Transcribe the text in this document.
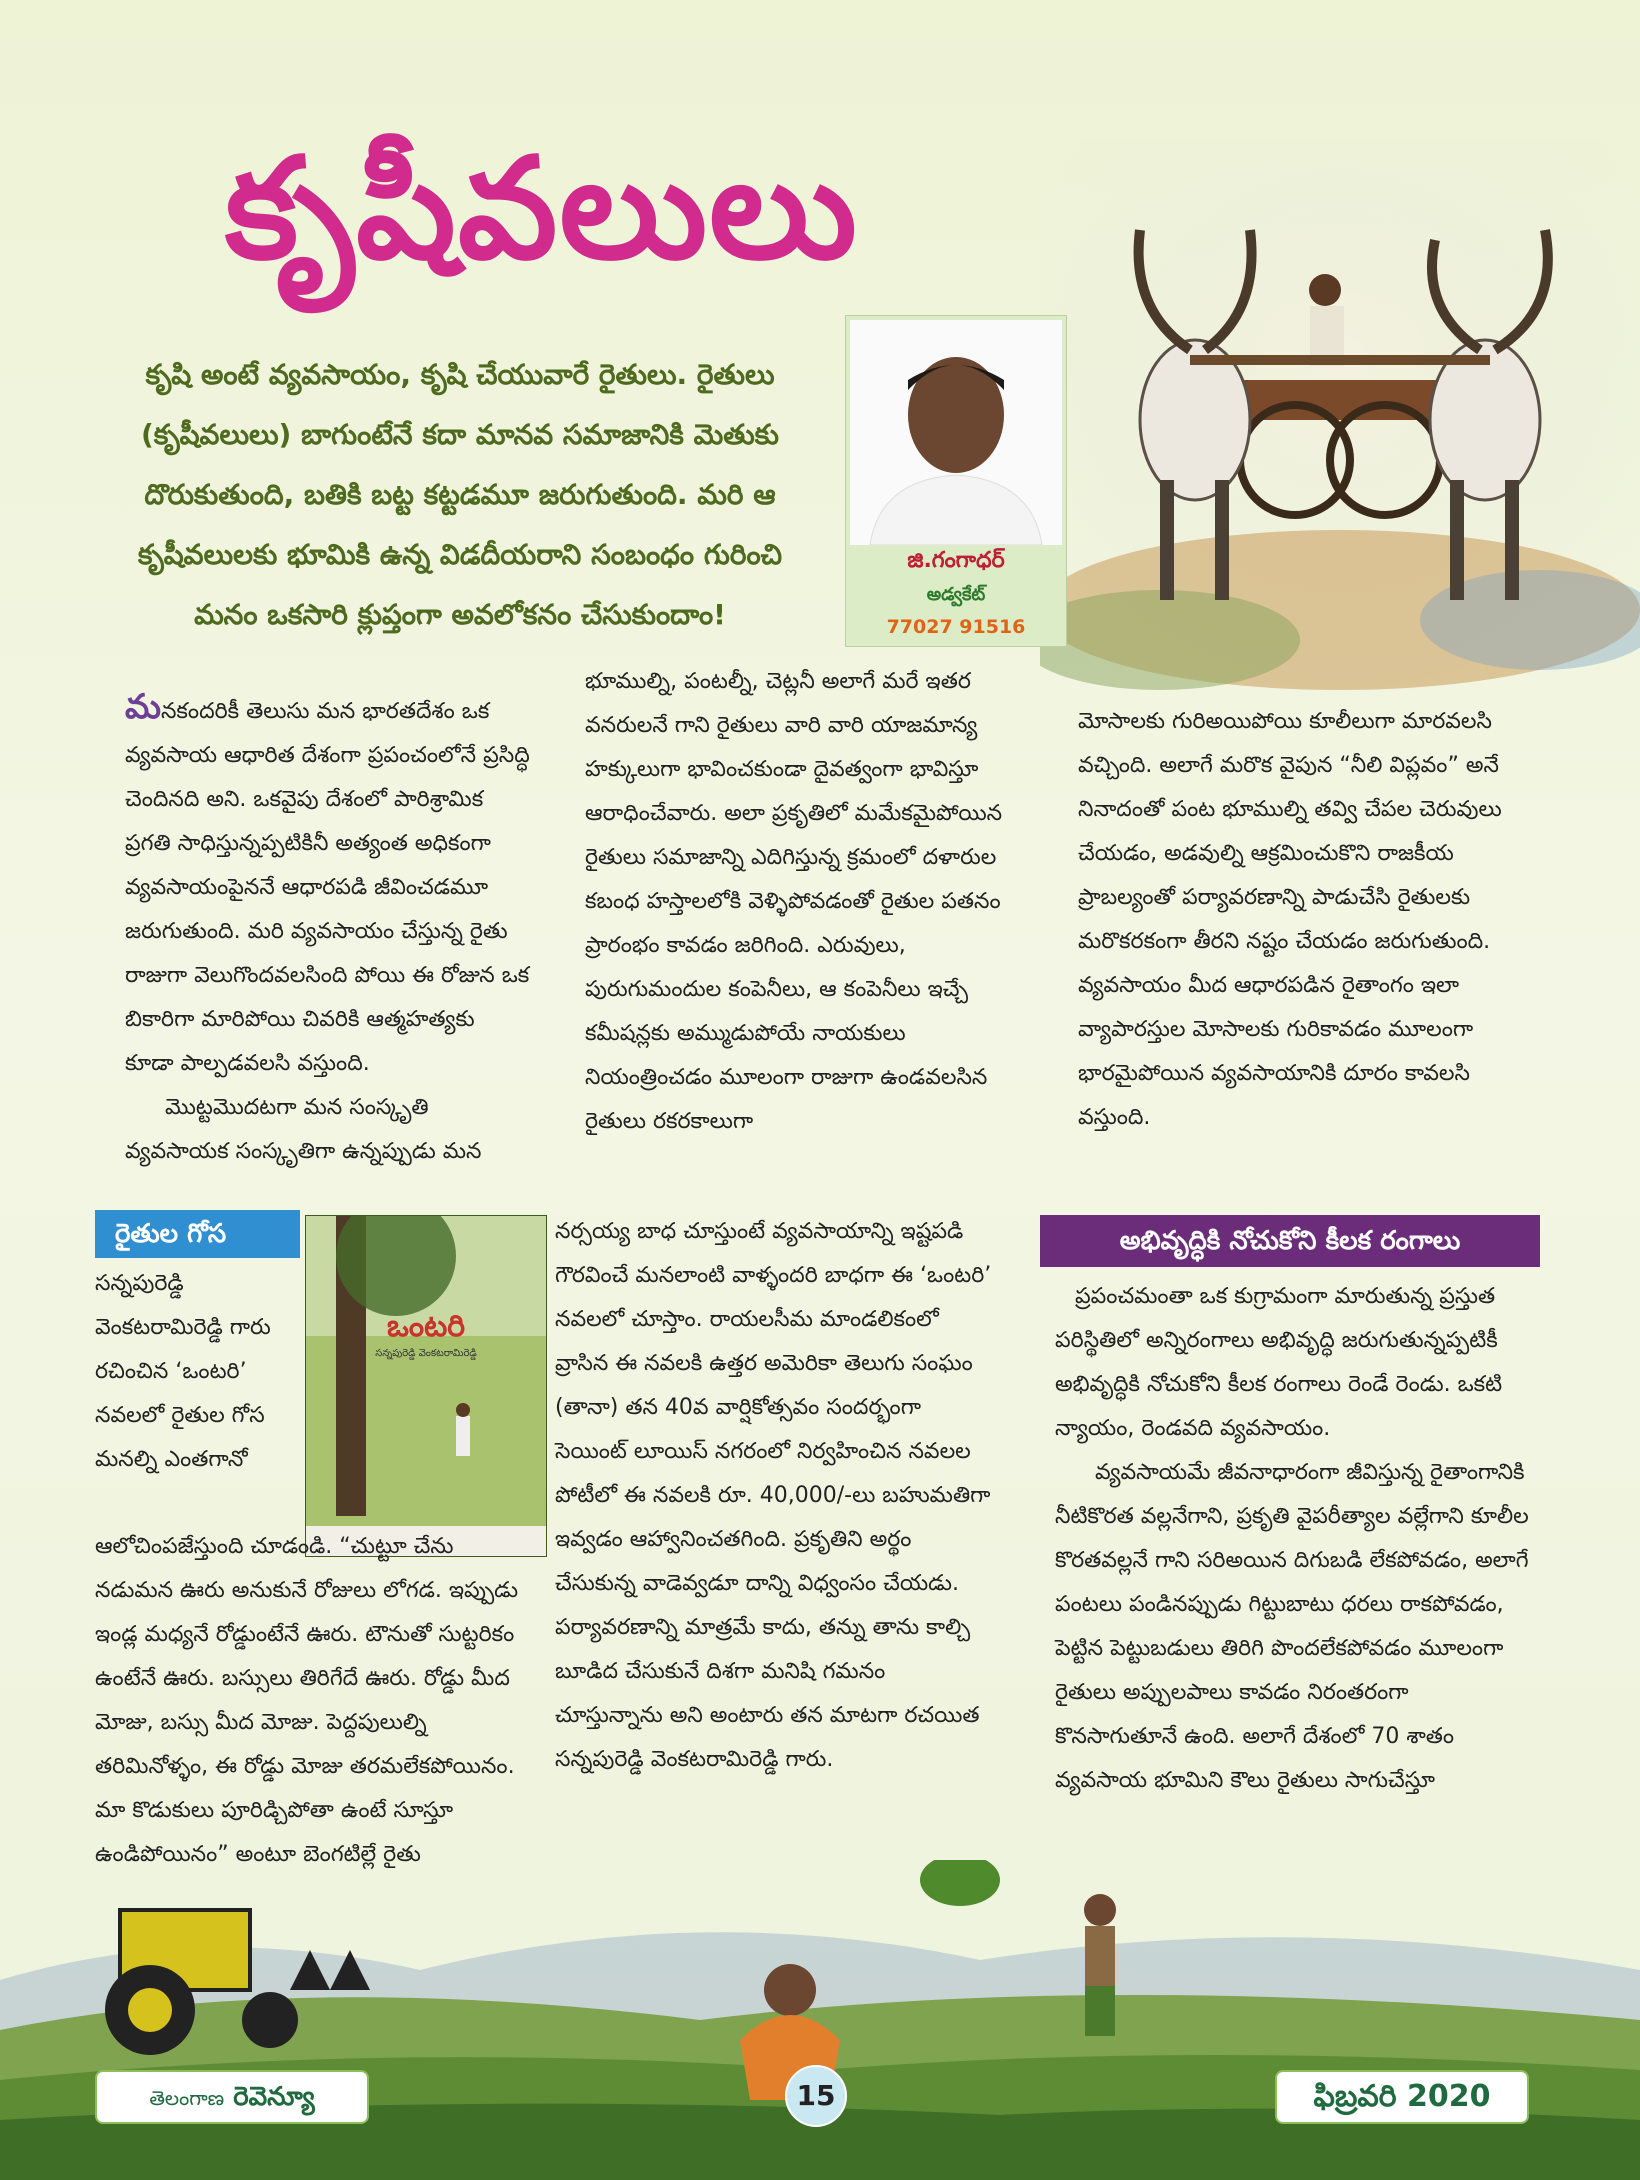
కృషీవలులు

కృషి అంటే వ్యవసాయం, కృషి చేయువారే రైతులు. రైతులు

(కృషీవలులు) బాగుంటేనే కదా మానవ సమాజానికి మెతుకు

దొరుకుతుంది, బతికి బట్ట కట్టడమూ జరుగుతుంది. మరి ఆ

కృషీవలులకు భూమికి ఉన్న విడదీయరాని సంబంధం గురించి

మనం ఒకసారి క్లుప్తంగా అవలోకనం చేసుకుందాం!

జి.గంగాధర్
అడ్వకేట్
77027 91516

మనకందరికీ తెలుసు మన భారతదేశం ఒక వ్యవసాయ ఆధారిత దేశంగా ప్రపంచంలోనే ప్రసిద్ధి చెందినది అని. ఒకవైపు దేశంలో పారిశ్రామిక ప్రగతి సాధిస్తున్నప్పటికినీ అత్యంత అధికంగా వ్యవసాయంపైననే ఆధారపడి జీవించడమూ జరుగుతుంది. మరి వ్యవసాయం చేస్తున్న రైతు రాజుగా వెలుగొందవలసింది పోయి ఈ రోజున ఒక బికారిగా మారిపోయి చివరికి ఆత్మహత్యకు కూడా పాల్పడవలసి వస్తుంది.

మొట్టమొదటగా మన సంస్కృతి వ్యవసాయక సంస్కృతిగా ఉన్నప్పుడు మన

భూముల్ని, పంటల్నీ, చెట్లనీ అలాగే మరే ఇతర వనరులనే గాని రైతులు వారి వారి యాజమాన్య హక్కులుగా భావించకుండా దైవత్వంగా భావిస్తూ ఆరాధించేవారు. అలా ప్రకృతిలో మమేకమైపోయిన రైతులు సమాజాన్ని ఎదిగిస్తున్న క్రమంలో దళారుల కబంధ హస్తాలలోకి వెళ్ళిపోవడంతో రైతుల పతనం ప్రారంభం కావడం జరిగింది. ఎరువులు, పురుగుమందుల కంపెనీలు, ఆ కంపెనీలు ఇచ్చే కమీషన్లకు అమ్ముడుపోయే నాయకులు నియంత్రించడం మూలంగా రాజుగా ఉండవలసిన రైతులు రకరకాలుగా

మోసాలకు గురిఅయిపోయి కూలీలుగా మారవలసి వచ్చింది. అలాగే మరొక వైపున “నీలి విప్లవం” అనే నినాదంతో పంట భూముల్ని తవ్వి చేపల చెరువులు చేయడం, అడవుల్ని ఆక్రమించుకొని రాజకీయ ప్రాబల్యంతో పర్యావరణాన్ని పాడుచేసి రైతులకు మరొకరకంగా తీరని నష్టం చేయడం జరుగుతుంది. వ్యవసాయం మీద ఆధారపడిన రైతాంగం ఇలా వ్యాపారస్తుల మోసాలకు గురికావడం మూలంగా భారమైపోయిన వ్యవసాయానికి దూరం కావలసి వస్తుంది.

రైతుల గోస
ఒంటరి
సన్నపురెడ్డి వెంకటరామిరెడ్డి

సన్నపురెడ్డి వెంకటరామిరెడ్డి గారు రచించిన ‘ఒంటరి’ నవలలో రైతుల గోస మనల్ని ఎంతగానో

ఆలోచింపజేస్తుంది చూడండి. “చుట్టూ చేను నడుమన ఊరు అనుకునే రోజులు లోగడ. ఇప్పుడు ఇండ్ల మధ్యనే రోడ్డుంటేనే ఊరు. టౌనుతో సుట్టరికం ఉంటేనే ఊరు. బస్సులు తిరిగేదే ఊరు. రోడ్డు మీద మోజు, బస్సు మీద మోజు. పెద్దపులుల్ని తరిమినోళ్ళం, ఈ రోడ్డు మోజు తరమలేకపోయినం. మా కొడుకులు పూరిడ్చిపోతా ఉంటే సూస్తూ ఉండిపోయినం” అంటూ బెంగటిల్లే రైతు

నర్సయ్య బాధ చూస్తుంటే వ్యవసాయాన్ని ఇష్టపడి గౌరవించే మనలాంటి వాళ్ళందరి బాధగా ఈ ‘ఒంటరి’ నవలలో చూస్తాం. రాయలసీమ మాండలికంలో వ్రాసిన ఈ నవలకి ఉత్తర అమెరికా తెలుగు సంఘం (తానా) తన 40వ వార్షికోత్సవం సందర్భంగా సెయింట్ లూయిస్ నగరంలో నిర్వహించిన నవలల పోటీలో ఈ నవలకి రూ. 40,000/-లు బహుమతిగా ఇవ్వడం ఆహ్వానించతగింది. ప్రకృతిని అర్థం చేసుకున్న వాడెవ్వడూ దాన్ని విధ్వంసం చేయడు. పర్యావరణాన్ని మాత్రమే కాదు, తన్ను తాను కాల్చి బూడిద చేసుకునే దిశగా మనిషి గమనం చూస్తున్నాను అని అంటారు తన మాటగా రచయిత సన్నపురెడ్డి వెంకటరామిరెడ్డి గారు.

అభివృద్ధికి నోచుకోని కీలక రంగాలు

ప్రపంచమంతా ఒక కుగ్రామంగా మారుతున్న ప్రస్తుత పరిస్థితిలో అన్నిరంగాలు అభివృద్ధి జరుగుతున్నప్పటికీ అభివృద్ధికి నోచుకోని కీలక రంగాలు రెండే రెండు. ఒకటి న్యాయం, రెండవది వ్యవసాయం.

వ్యవసాయమే జీవనాధారంగా జీవిస్తున్న రైతాంగానికి నీటికొరత వల్లనేగాని, ప్రకృతి వైపరీత్యాల వల్లేగాని కూలీల కొరతవల్లనే గాని సరిఅయిన దిగుబడి లేకపోవడం, అలాగే పంటలు పండినప్పుడు గిట్టుబాటు ధరలు రాకపోవడం, పెట్టిన పెట్టుబడులు తిరిగి పొందలేకపోవడం మూలంగా రైతులు అప్పులపాలు కావడం నిరంతరంగా కొనసాగుతూనే ఉంది. అలాగే దేశంలో 70 శాతం వ్యవసాయ భూమిని కౌలు రైతులు సాగుచేస్తూ

తెలంగాణ రెవెన్యూ	15	ఫిబ్రవరి 2020
